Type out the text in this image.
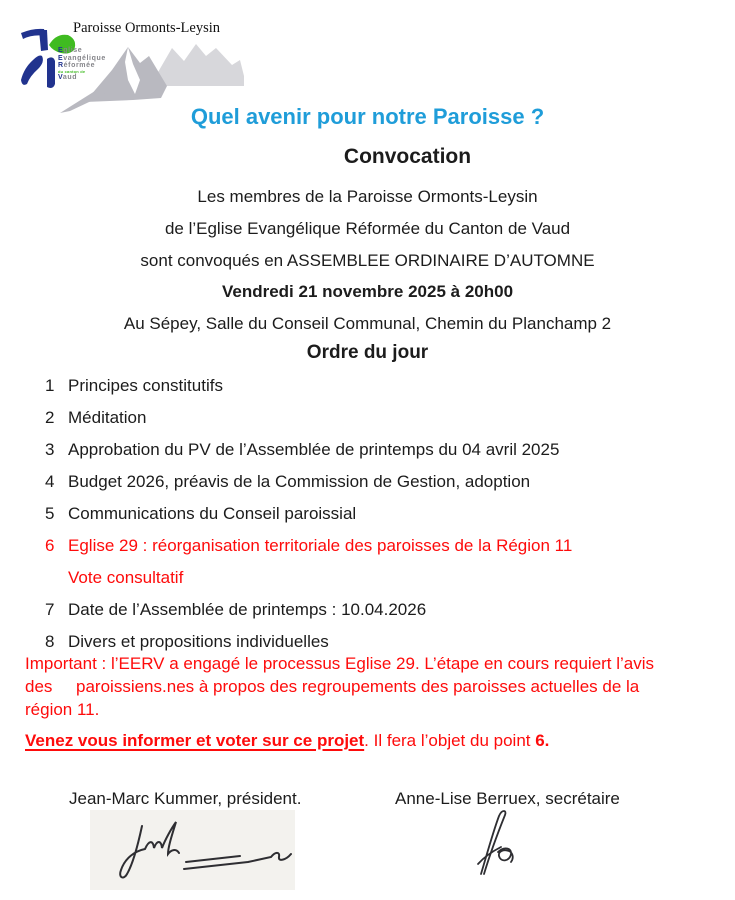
Paroisse Ormonts-Leysin
Eglise
Evangélique
Réformée
du canton de
Vaud
Quel avenir pour notre Paroisse ?
Convocation
Les membres de la Paroisse Ormonts-Leysin
de l’Eglise Evangélique Réformée du Canton de Vaud
sont convoqués en ASSEMBLEE ORDINAIRE D’AUTOMNE
Vendredi 21 novembre 2025 à 20h00
Au Sépey, Salle du Conseil Communal, Chemin du Planchamp 2
Ordre du jour
1 Principes constitutifs
2 Méditation
3 Approbation du PV de l’Assemblée de printemps du 04 avril 2025
4 Budget 2026, préavis de la Commission de Gestion, adoption
5 Communications du Conseil paroissial
6 Eglise 29 : réorganisation territoriale des paroisses de la Région 11
Vote consultatif
7 Date de l’Assemblée de printemps : 10.04.2026
8 Divers et propositions individuelles
Important : l’EERV a engagé le processus Eglise 29. L’étape en cours requiert l’avis
des     paroissiens.nes à propos des regroupements des paroisses actuelles de la
région 11.
Venez vous informer et voter sur ce projet. Il fera l’objet du point 6.
Jean-Marc Kummer, président.	Anne-Lise Berruex, secrétaire
